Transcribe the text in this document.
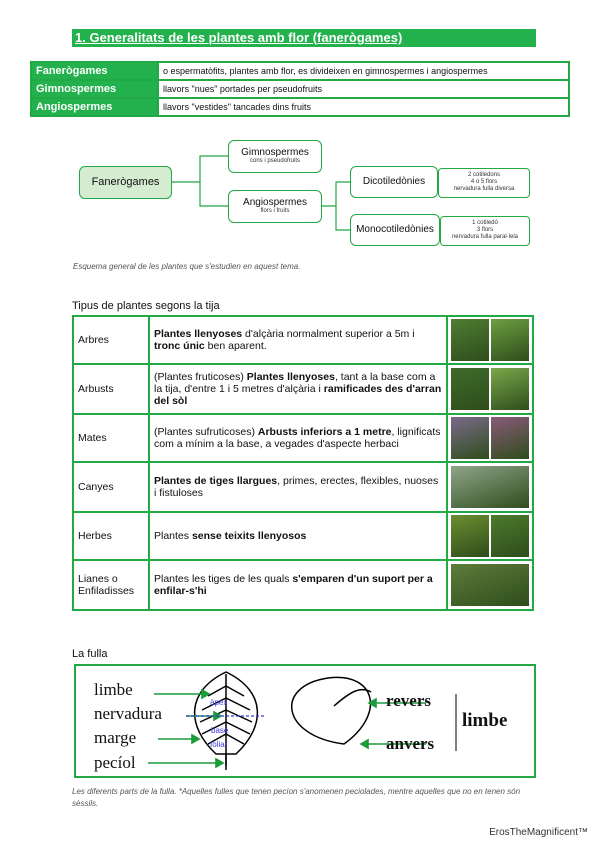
1. Generalitats de les plantes amb flor (fanerògames)
Fanerògames	o espermatòfits, plantes amb flor, es divideixen en gimnospermes i angiospermes
Gimnospermes	llavors "nues" portades per pseudofruits
Angiospermes	llavors "vestides" tancades dins fruits
Fanerògames
Gimnospermes
cons i pseudofruits
Angiospermes
flors i fruits
Dicotiledònies
2 cotiledons
4 o 5 flors
nervadura fulla diversa
Monocotiledònies
1 cotiledó
3 flors
nervadura fulla paral·lela
Esquema general de les plantes que s'estudien en aquest tema.
Tipus de plantes segons la tija
Arbres	Plantes llenyoses d'alçària normalment superior a 5m i tronc únic ben aparent.	
Arbusts	(Plantes fruticoses) Plantes llenyoses, tant a la base com a la tija, d'entre 1 i 5 metres d'alçària i ramificades des d'arran del sòl	
Mates	(Plantes sufruticoses) Arbusts inferiors a 1 metre, lignificats com a mínim a la base, a vegades d'aspecte herbaci	
Canyes	Plantes de tiges llargues, primes, erectes, flexibles, nuoses i fistuloses	
Herbes	Plantes sense teixits llenyosos	
Lianes o Enfiladisses	Plantes les tiges de les quals s'emparen d'un suport per a enfilar-s'hi	
La fulla
limbe
nervadura
marge
pecíol
àpex
base
foliar
revers
anvers
limbe
Les diferents parts de la fulla. *Aquelles fulles que tenen pecíon s'anomenen peciolades, mentre aquelles que no en tenen són sèssils.
ErosTheMagnificent™
